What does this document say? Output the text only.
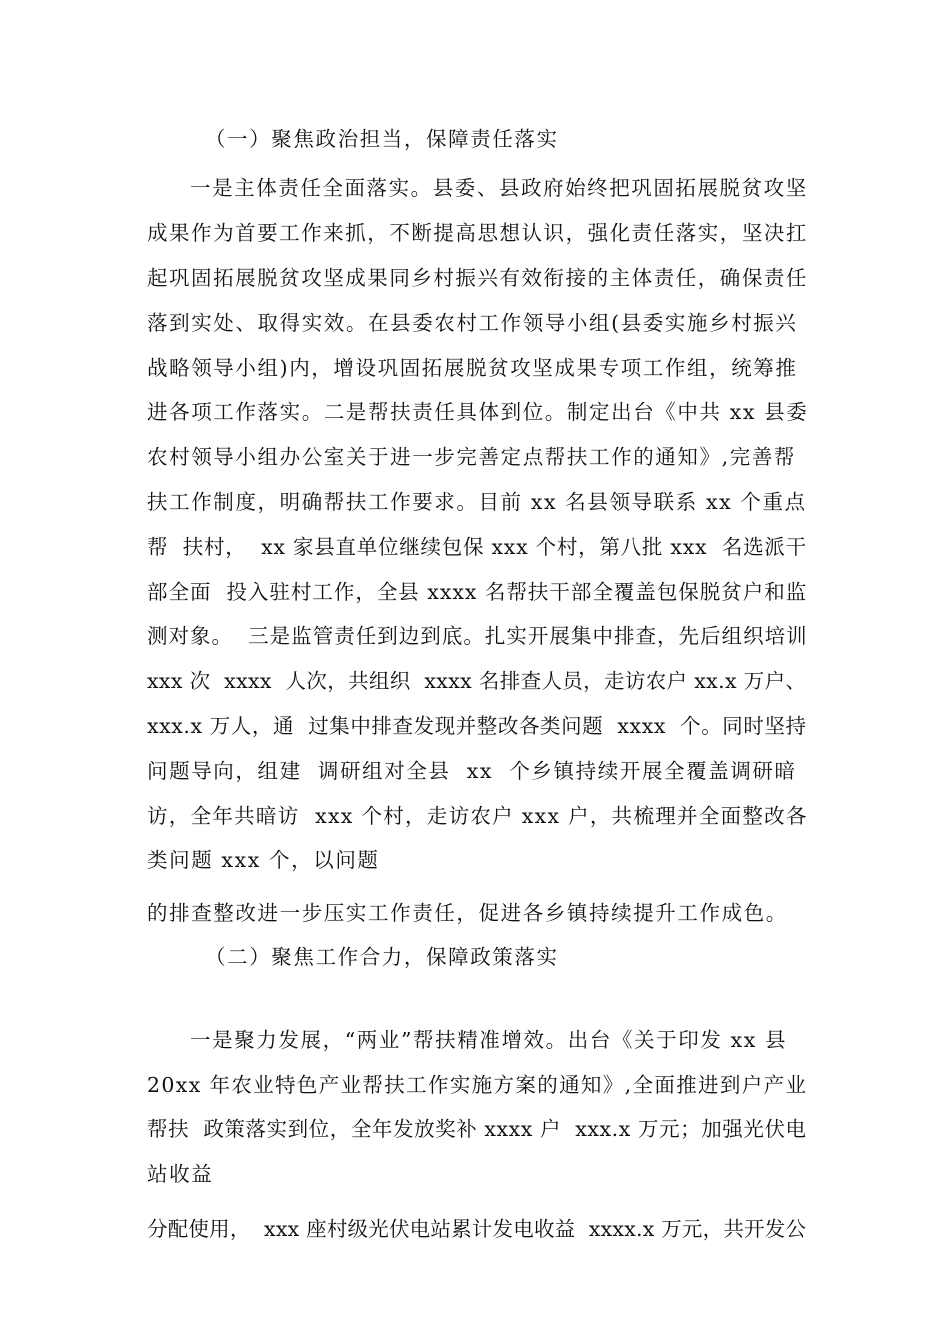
（一）聚焦政治担当，保障责任落实

一是主体责任全面落实。县委、县政府始终把巩固拓展脱贫攻坚

成果作为首要工作来抓，不断提高思想认识，强化责任落实，坚决扛

起巩固拓展脱贫攻坚成果同乡村振兴有效衔接的主体责任，确保责任

落到实处、取得实效。在县委农村工作领导小组(县委实施乡村振兴

战略领导小组)内，增设巩固拓展脱贫攻坚成果专项工作组，统筹推

进各项工作落实。二是帮扶责任具体到位。制定出台《中共 xx 县委

农村领导小组办公室关于进一步完善定点帮扶工作的通知》,完善帮

扶工作制度，明确帮扶工作要求。目前 xx 名县领导联系 xx 个重点

帮  扶村，  xx 家县直单位继续包保 xxx 个村，第八批 xxx  名选派干

部全面  投入驻村工作，全县 xxxx 名帮扶干部全覆盖包保脱贫户和监

测对象。  三是监管责任到边到底。扎实开展集中排查，先后组织培训

xxx 次  xxxx  人次，共组织  xxxx 名排查人员，走访农户 xx.x 万户、

xxx.x 万人，通  过集中排查发现并整改各类问题  xxxx  个。同时坚持

问题导向，组建  调研组对全县  xx  个乡镇持续开展全覆盖调研暗

访，全年共暗访  xxx 个村，走访农户 xxx 户，共梳理并全面整改各

类问题 xxx 个，以问题

的排查整改进一步压实工作责任，促进各乡镇持续提升工作成色。

（二）聚焦工作合力，保障政策落实

一是聚力发展，“两业”帮扶精准增效。出台《关于印发 xx 县

20xx 年农业特色产业帮扶工作实施方案的通知》,全面推进到户产业

帮扶  政策落实到位，全年发放奖补 xxxx 户  xxx.x 万元；加强光伏电

站收益

分配使用，  xxx 座村级光伏电站累计发电收益  xxxx.x 万元，共开发公
